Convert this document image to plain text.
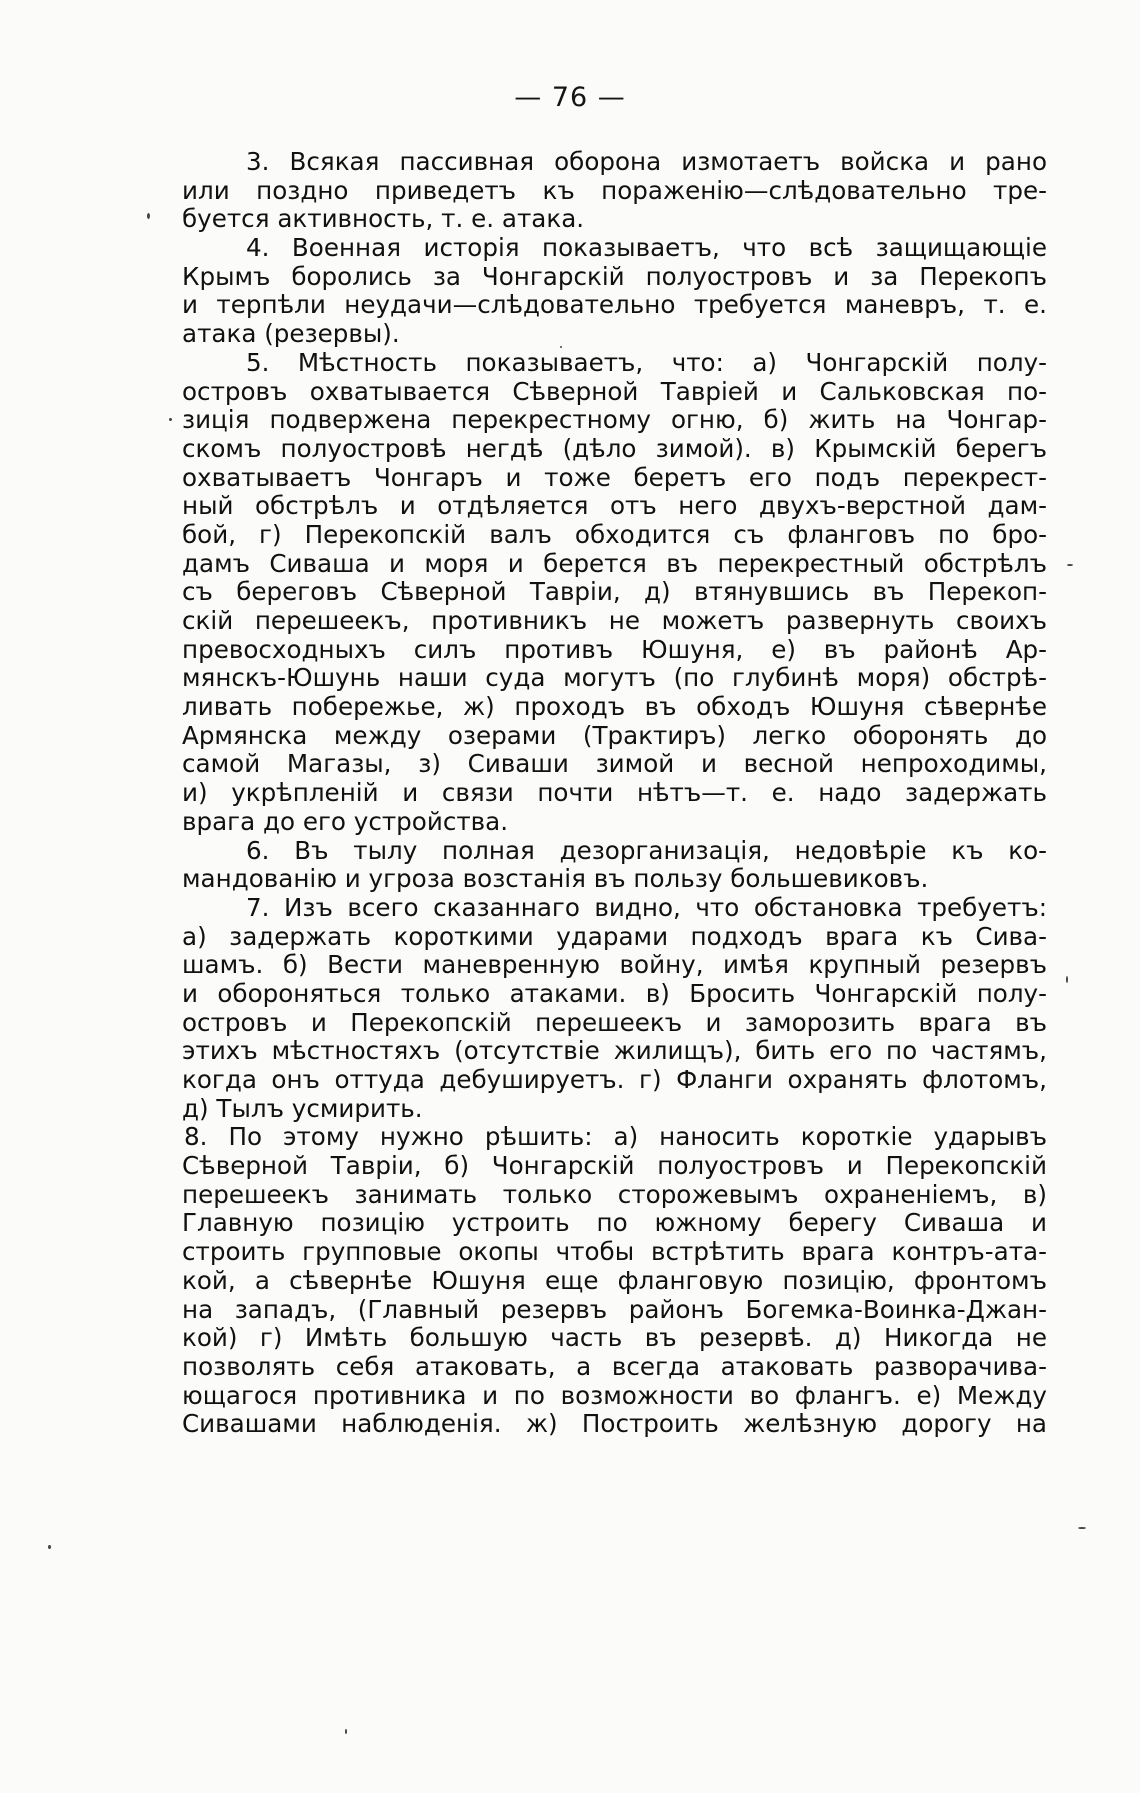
— 76 —
3. Всякая пассивная оборона измотаетъ войска и рано
или поздно приведетъ къ пораженію—слѣдовательно тре-
буется активность, т. е. атака.
4. Военная исторія показываетъ, что всѣ защищающіе
Крымъ боролись за Чонгарскій полуостровъ и за Перекопъ
и терпѣли неудачи—слѣдовательно требуется маневръ, т. е.
атака (резервы).
5. Мѣстность показываетъ, что: а) Чонгарскій полу-
островъ охватывается Сѣверной Тавріей и Сальковская по-
зиція подвержена перекрестному огню, б) жить на Чонгар-
скомъ полуостровѣ негдѣ (дѣло зимой). в) Крымскій берегъ
охватываетъ Чонгаръ и тоже беретъ его подъ перекрест-
ный обстрѣлъ и отдѣляется отъ него двухъ-верстной дам-
бой, г) Перекопскій валъ обходится съ фланговъ по бро-
дамъ Сиваша и моря и берется въ перекрестный обстрѣлъ
съ береговъ Сѣверной Тавріи, д) втянувшись въ Перекоп-
скій перешеекъ, противникъ не можетъ развернуть своихъ
превосходныхъ силъ противъ Юшуня, е) въ районѣ Ар-
мянскъ-Юшунь наши суда могутъ (по глубинѣ моря) обстрѣ-
ливать побережье, ж) проходъ въ обходъ Юшуня сѣвернѣе
Армянска между озерами (Трактиръ) легко оборонять до
самой Магазы, з) Сиваши зимой и весной непроходимы,
и) укрѣпленій и связи почти нѣтъ—т. е. надо задержать
врага до его устройства.
6. Въ тылу полная дезорганизація, недовѣріе къ ко-
мандованію и угроза возстанія въ пользу большевиковъ.
7. Изъ всего сказаннаго видно, что обстановка требуетъ:
а) задержать короткими ударами подходъ врага къ Сива-
шамъ. б) Вести маневренную войну, имѣя крупный резервъ
и обороняться только атаками. в) Бросить Чонгарскій полу-
островъ и Перекопскій перешеекъ и заморозить врага въ
этихъ мѣстностяхъ (отсутствіе жилищъ), бить его по частямъ,
когда онъ оттуда дебушируетъ. г) Фланги охранять флотомъ,
д) Тылъ усмирить.
8. По этому нужно рѣшить: а) наносить короткіе ударывъ
Сѣверной Тавріи, б) Чонгарскій полуостровъ и Перекопскій
перешеекъ занимать только сторожевымъ охраненіемъ, в)
Главную позицію устроить по южному берегу Сиваша и
строить групповые окопы чтобы встрѣтить врага контръ-ата-
кой, а сѣвернѣе Юшуня еще фланговую позицію, фронтомъ
на западъ, (Главный резервъ районъ Богемка-Воинка-Джан-
кой) г) Имѣть большую часть въ резервѣ. д) Никогда не
позволять себя атаковать, а всегда атаковать разворачива-
ющагося противника и по возможности во флангъ. е) Между
Сивашами наблюденія. ж) Построить желѣзную дорогу на
